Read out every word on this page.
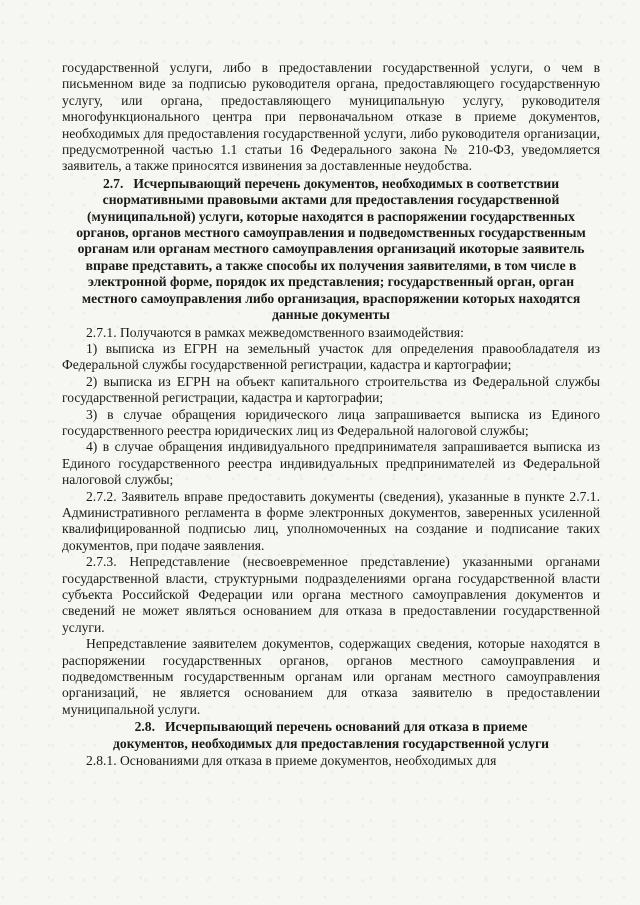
государственной услуги, либо в предоставлении государственной услуги, о чем в письменном виде за подписью руководителя органа, предоставляющего государственную услугу, или органа, предоставляющего муниципальную услугу, руководителя многофункционального центра при первоначальном отказе в приеме документов, необходимых для предоставления государственной услуги, либо руководителя организации, предусмотренной частью 1.1 статьи 16 Федерального закона № 210-ФЗ, уведомляется заявитель, а также приносятся извинения за доставленные неудобства.

2.7. Исчерпывающий перечень документов, необходимых в соответствии снормативными правовыми актами для предоставления государственной (муниципальной) услуги, которые находятся в распоряжении государственных органов, органов местного самоуправления и подведомственных государственным органам или органам местного самоуправления организаций икоторые заявитель вправе представить, а также способы их получения заявителями, в том числе в электронной форме, порядок их представления; государственный орган, орган местного самоуправления либо организация, враспоряжении которых находятся данные документы

2.7.1. Получаются в рамках межведомственного взаимодействия:

1) выписка из ЕГРН на земельный участок для определения правообладателя из Федеральной службы государственной регистрации, кадастра и картографии;

2) выписка из ЕГРН на объект капитального строительства из Федеральной службы государственной регистрации, кадастра и картографии;

3) в случае обращения юридического лица запрашивается выписка из Единого государственного реестра юридических лиц из Федеральной налоговой службы;

4) в случае обращения индивидуального предпринимателя запрашивается выписка из Единого государственного реестра индивидуальных предпринимателей из Федеральной налоговой службы;

2.7.2. Заявитель вправе предоставить документы (сведения), указанные в пункте 2.7.1. Административного регламента в форме электронных документов, заверенных усиленной квалифицированной подписью лиц, уполномоченных на создание и подписание таких документов, при подаче заявления.

2.7.3. Непредставление (несвоевременное представление) указанными органами государственной власти, структурными подразделениями органа государственной власти субъекта Российской Федерации или органа местного самоуправления документов и сведений не может являться основанием для отказа в предоставлении государственной услуги.

Непредставление заявителем документов, содержащих сведения, которые находятся в распоряжении государственных органов, органов местного самоуправления и подведомственным государственным органам или органам местного самоуправления организаций, не является основанием для отказа заявителю в предоставлении муниципальной услуги.

2.8. Исчерпывающий перечень оснований для отказа в приеме документов, необходимых для предоставления государственной услуги

2.8.1. Основаниями для отказа в приеме документов, необходимых для
